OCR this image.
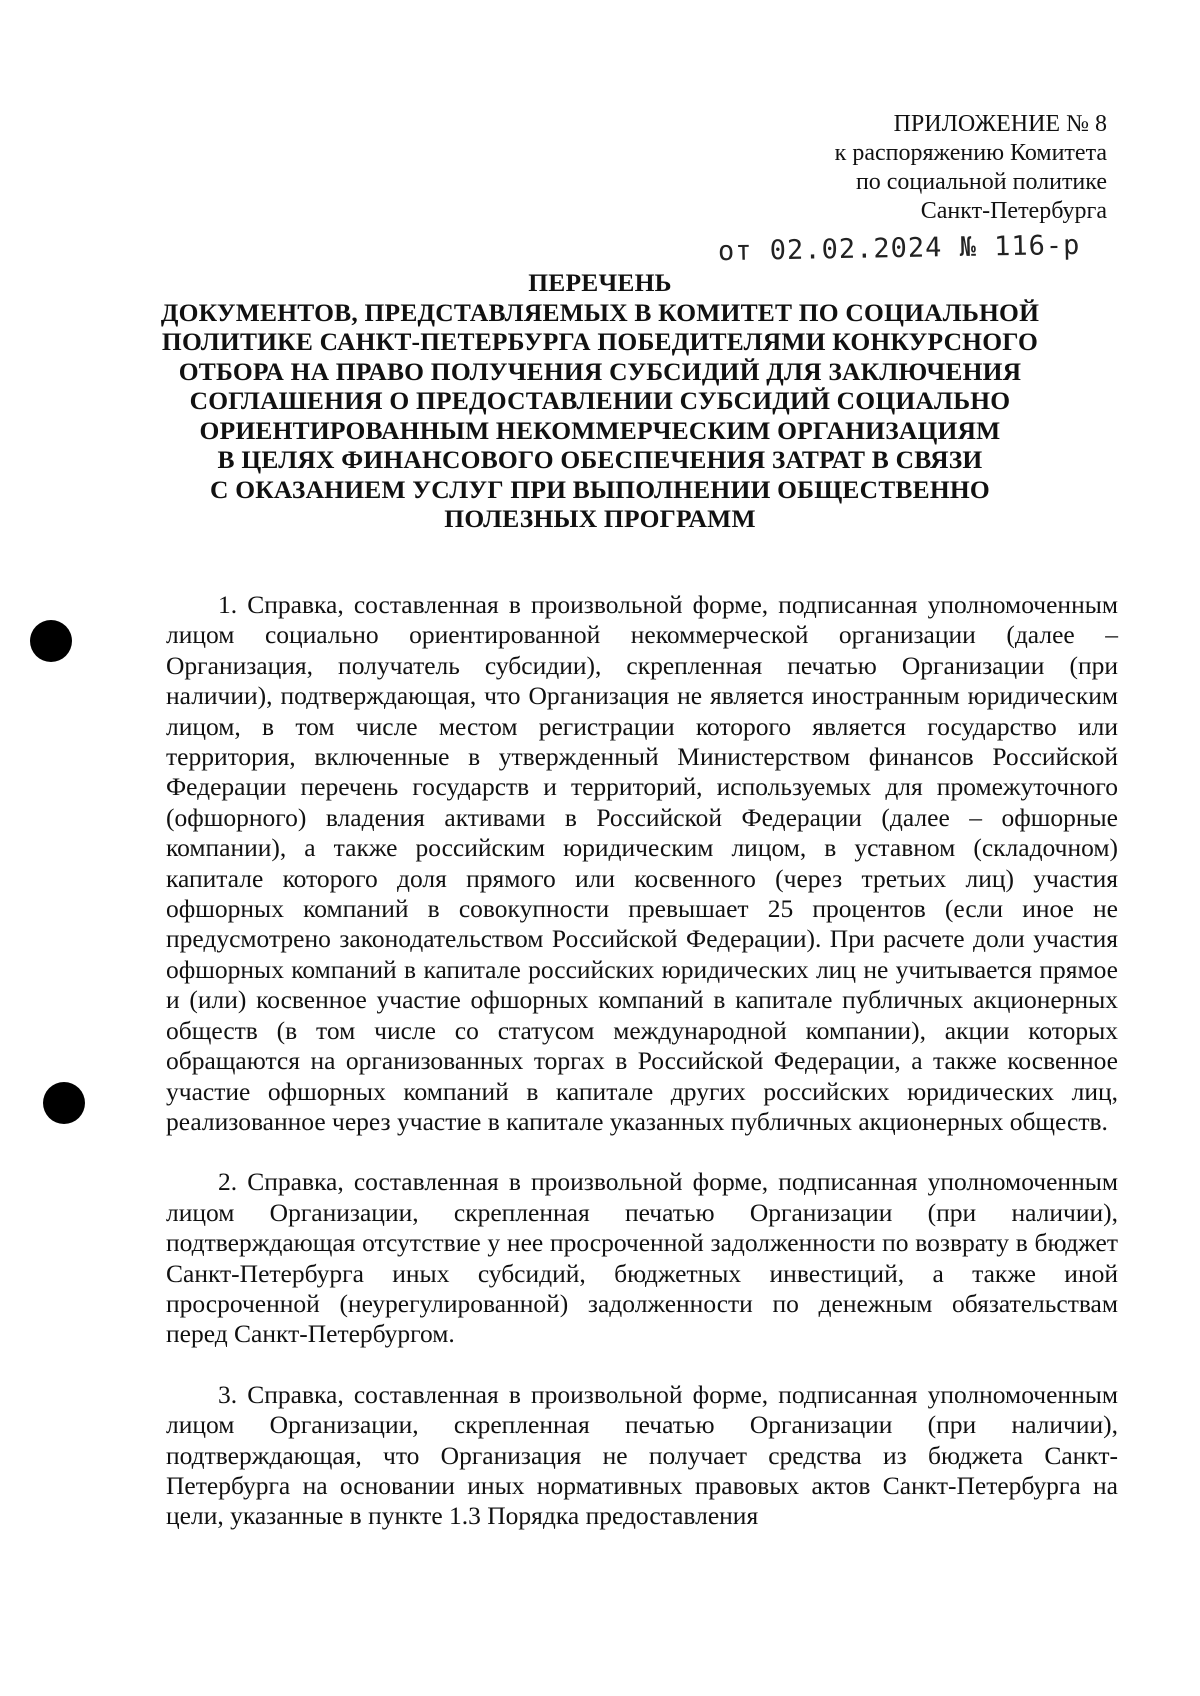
ПРИЛОЖЕНИЕ № 8
к распоряжению Комитета
по социальной политике
Санкт-Петербурга
от 02.02.2024 № 116-р
ПЕРЕЧЕНЬ
ДОКУМЕНТОВ, ПРЕДСТАВЛЯЕМЫХ В КОМИТЕТ ПО СОЦИАЛЬНОЙ
ПОЛИТИКЕ САНКТ-ПЕТЕРБУРГА ПОБЕДИТЕЛЯМИ КОНКУРСНОГО
ОТБОРА НА ПРАВО ПОЛУЧЕНИЯ СУБСИДИЙ ДЛЯ ЗАКЛЮЧЕНИЯ
СОГЛАШЕНИЯ О ПРЕДОСТАВЛЕНИИ СУБСИДИЙ СОЦИАЛЬНО
ОРИЕНТИРОВАННЫМ НЕКОММЕРЧЕСКИМ ОРГАНИЗАЦИЯМ
В ЦЕЛЯХ ФИНАНСОВОГО ОБЕСПЕЧЕНИЯ ЗАТРАТ В СВЯЗИ
С ОКАЗАНИЕМ УСЛУГ ПРИ ВЫПОЛНЕНИИ ОБЩЕСТВЕННО
ПОЛЕЗНЫХ ПРОГРАММ

1. Справка, составленная в произвольной форме, подписанная уполномоченным лицом социально ориентированной некоммерческой организации (далее – Организация, получатель субсидии), скрепленная печатью Организации (при наличии), подтверждающая, что Организация не является иностранным юридическим лицом, в том числе местом регистрации которого является государство или территория, включенные в утвержденный Министерством финансов Российской Федерации перечень государств и территорий, используемых для промежуточного (офшорного) владения активами в Российской Федерации (далее – офшорные компании), а также российским юридическим лицом, в уставном (складочном) капитале которого доля прямого или косвенного (через третьих лиц) участия офшорных компаний в совокупности превышает 25 процентов (если иное не предусмотрено законодательством Российской Федерации). При расчете доли участия офшорных компаний в капитале российских юридических лиц не учитывается прямое и (или) косвенное участие офшорных компаний в капитале публичных акционерных обществ (в том числе со статусом международной компании), акции которых обращаются на организованных торгах в Российской Федерации, а также косвенное участие офшорных компаний в капитале других российских юридических лиц, реализованное через участие в капитале указанных публичных акционерных обществ.

2. Справка, составленная в произвольной форме, подписанная уполномоченным лицом Организации, скрепленная печатью Организации (при наличии), подтверждающая отсутствие у нее просроченной задолженности по возврату в бюджет Санкт-Петербурга иных субсидий, бюджетных инвестиций, а также иной просроченной (неурегулированной) задолженности по денежным обязательствам перед Санкт-Петербургом.

3. Справка, составленная в произвольной форме, подписанная уполномоченным лицом Организации, скрепленная печатью Организации (при наличии), подтверждающая, что Организация не получает средства из бюджета Санкт-Петербурга на основании иных нормативных правовых актов Санкт-Петербурга на цели, указанные в пункте 1.3 Порядка предоставления
